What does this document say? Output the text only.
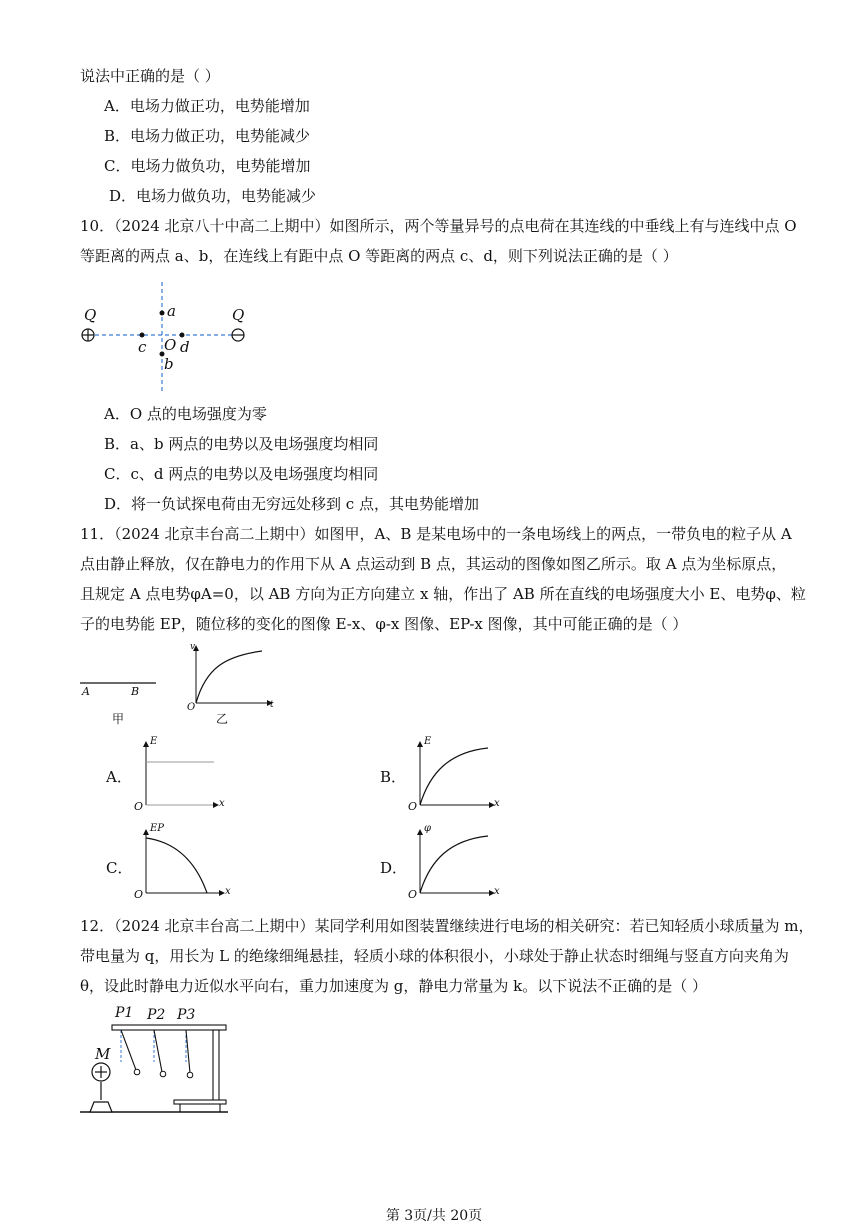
说法中正确的是（ ）
A．电场力做正功，电势能增加
B．电场力做正功，电势能减少
C．电场力做负功，电势能增加
D．电场力做负功，电势能减少
10．（2024 北京八十中高二上期中）如图所示，两个等量异号的点电荷在其连线的中垂线上有与连线中点 O
等距离的两点 a、b，在连线上有距中点 O 等距离的两点 c、d，则下列说法正确的是（ ）
Q	Q
a
b
c d
O
A．O 点的电场强度为零
B．a、b 两点的电势以及电场强度均相同
C．c、d 两点的电势以及电场强度均相同
D．将一负试探电荷由无穷远处移到 c 点，其电势能增加
11．（2024 北京丰台高二上期中）如图甲，A、B 是某电场中的一条电场线上的两点，一带负电的粒子从 A
点由静止释放，仅在静电力的作用下从 A 点运动到 B 点，其运动的图像如图乙所示。取 A 点为坐标原点，
且规定 A 点电势φA=0，以 AB 方向为正方向建立 x 轴，作出了 AB 所在直线的电场强度大小 E、电势φ、粒
子的电势能 EP，随位移的变化的图像 E-x、φ-x 图像、EP-x 图像，其中可能正确的是（ ）
A	B
甲
v
t
O
乙
A．
E
x
O
B．
E
x
O
C．
EP
x
O
D．
φ
x
O
12．（2024 北京丰台高二上期中）某同学利用如图装置继续进行电场的相关研究：若已知轻质小球质量为 m，
带电量为 q，用长为 L 的绝缘细绳悬挂，轻质小球的体积很小，小球处于静止状态时细绳与竖直方向夹角为
θ，设此时静电力近似水平向右，重力加速度为 g，静电力常量为 k。以下说法不正确的是（ ）
M
P1 P2 P3
第 3页/共 20页
